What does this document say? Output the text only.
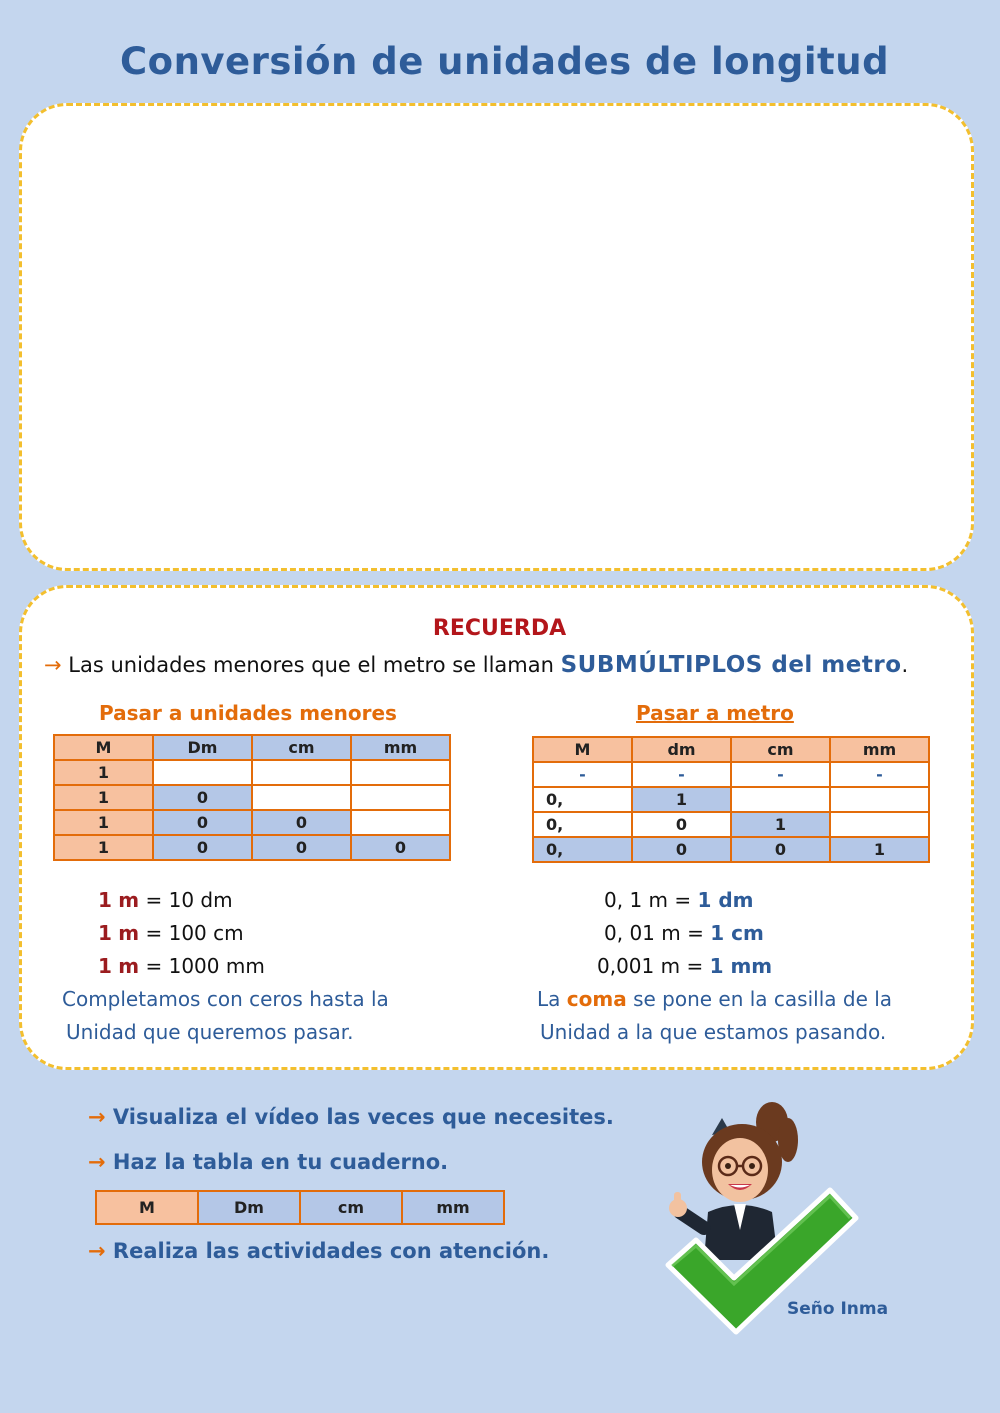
Conversión de unidades de longitud
RECUERDA
→ Las unidades menores que el metro se llaman SUBMÚLTIPLOS del metro.
Pasar a unidades menores
M	Dm	cm	mm
1			
1	0		
1	0	0	
1	0	0	0
1 m = 10 dm
1 m = 100 cm
1 m = 1000 mm
Completamos con ceros hasta la
Unidad que queremos pasar.
Pasar a metro
M	dm	cm	mm
-	-	-	-
0,	1		
0,	0	1	
0,	0	0	1
0, 1 m = 1 dm
0, 01 m = 1 cm
0,001 m = 1 mm
La coma se pone en la casilla de la
Unidad a la que estamos pasando.
→ Visualiza el vídeo las veces que necesites.
→ Haz la tabla en tu cuaderno.
M	Dm	cm	mm
→ Realiza las actividades con atención.
Seño Inma
